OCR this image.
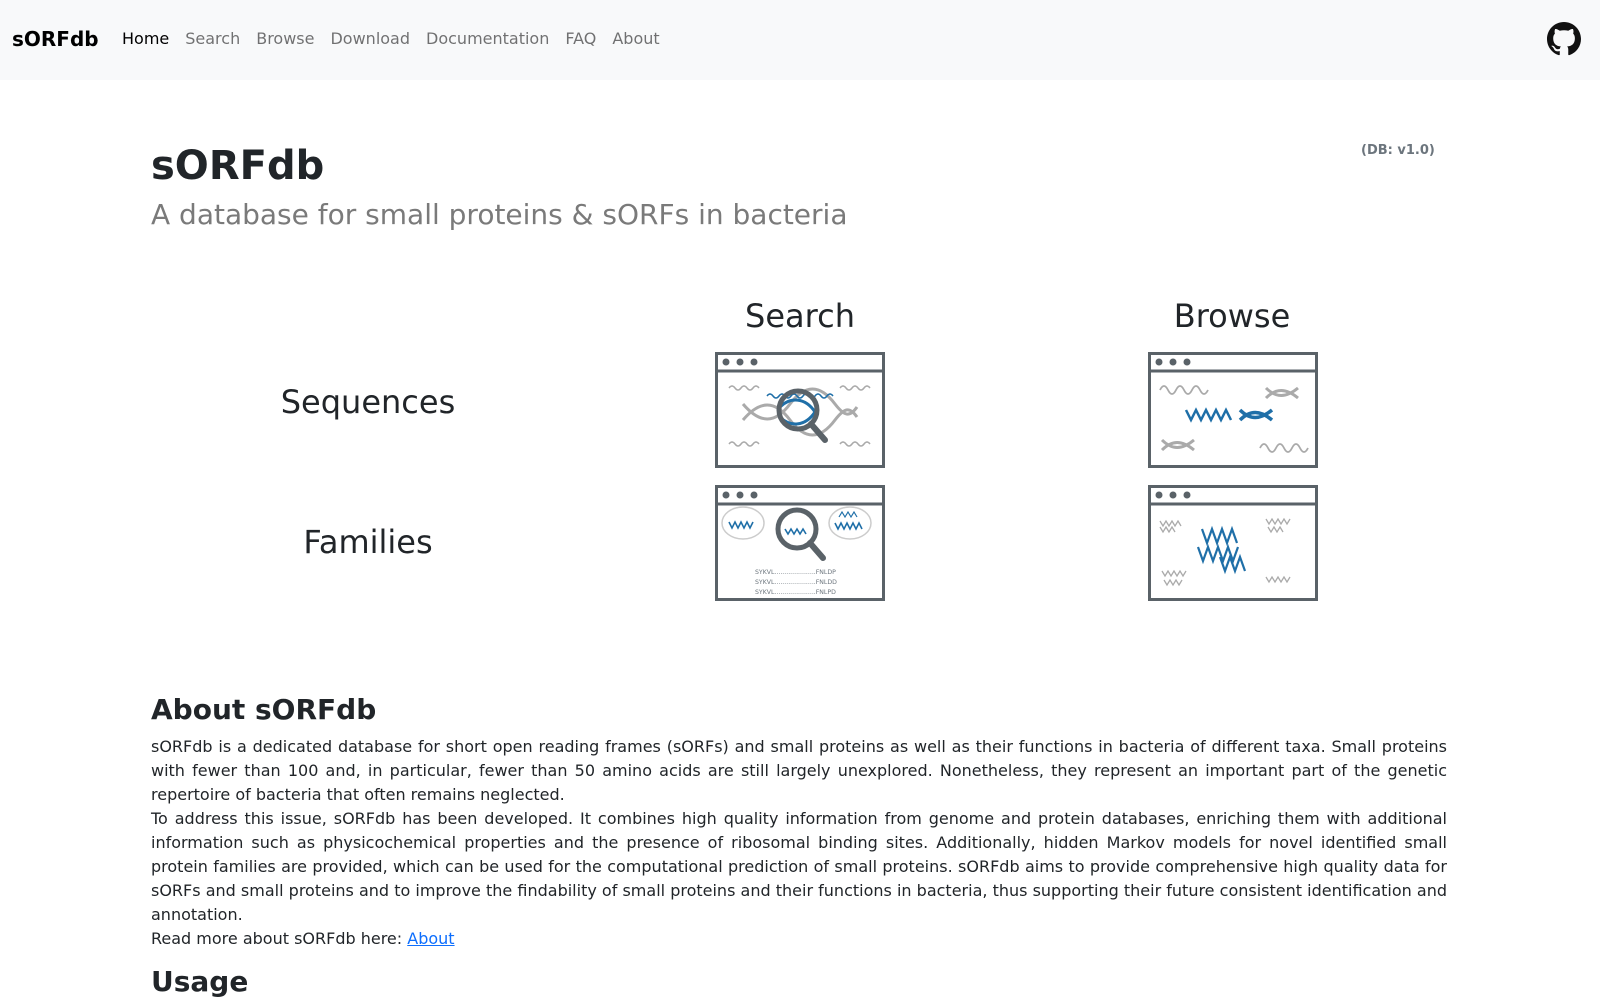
sORFdb Home Search Browse Download Documentation FAQ About
sORFdb
A database for small proteins & sORFs in bacteria
(DB: v1.0)
Search	Browse
Sequences
Families
SYKVL.....................FNLDP
SYKVL.....................FNLDD
SYKVL.....................FNLPD
About sORFdb

sORFdb is a dedicated database for short open reading frames (sORFs) and small proteins as well as their functions in bacteria of different taxa. Small proteins with fewer than 100 and, in particular, fewer than 50 amino acids are still largely unexplored. Nonetheless, they represent an important part of the genetic repertoire of bacteria that often remains neglected.

To address this issue, sORFdb has been developed. It combines high quality information from genome and protein databases, enriching them with additional information such as physicochemical properties and the presence of ribosomal binding sites. Additionally, hidden Markov models for novel identified small protein families are provided, which can be used for the computational prediction of small proteins. sORFdb aims to provide comprehensive high quality data for sORFs and small proteins and to improve the findability of small proteins and their functions in bacteria, thus supporting their future consistent identification and annotation.

Read more about sORFdb here: About

Usage
